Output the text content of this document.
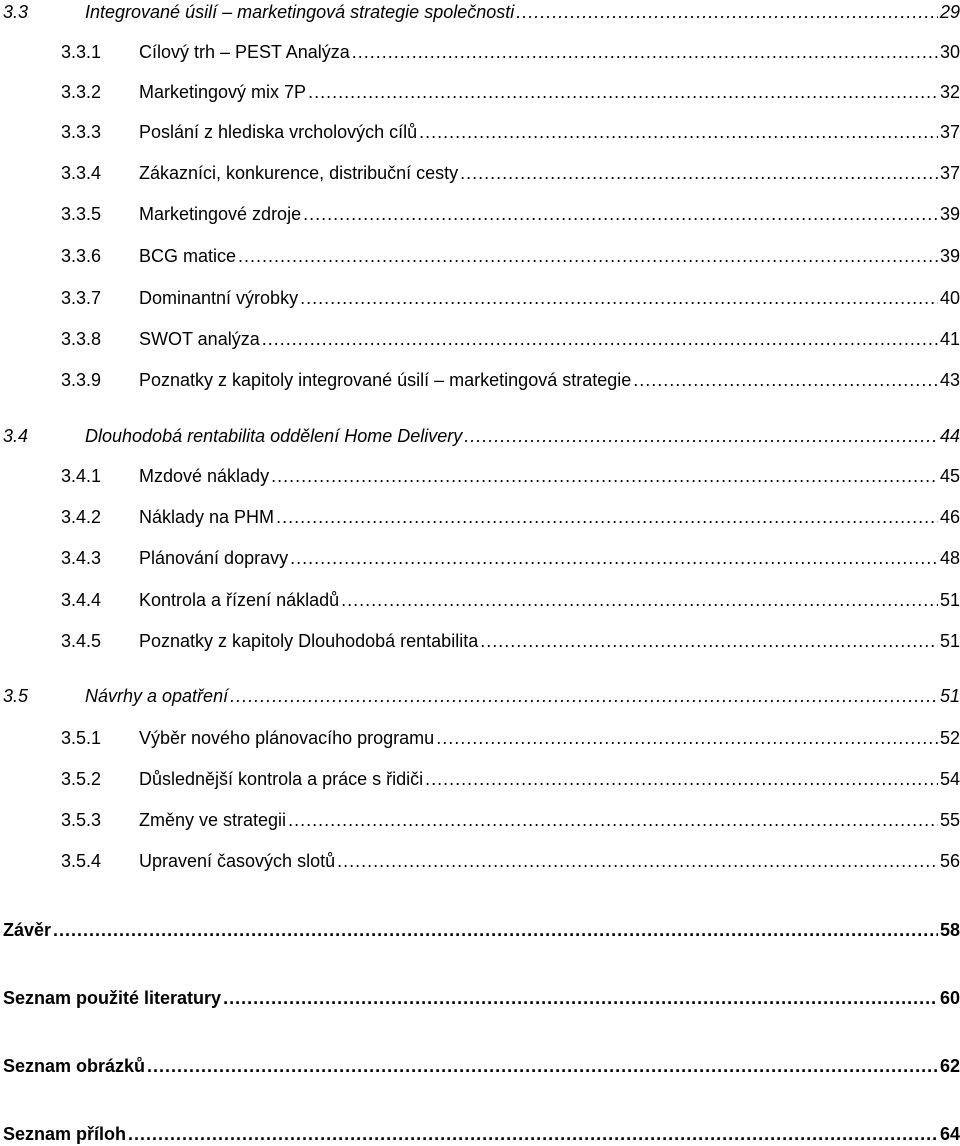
3.3	Integrované úsilí – marketingová strategie společnosti .....	29
3.3.1	Cílový trh – PEST Analýza .....	30
3.3.2	Marketingový mix 7P .....	32
3.3.3	Poslání z hlediska vrcholových cílů .....	37
3.3.4	Zákazníci, konkurence, distribuční cesty .....	37
3.3.5	Marketingové zdroje .....	39
3.3.6	BCG matice .....	39
3.3.7	Dominantní výrobky .....	40
3.3.8	SWOT analýza .....	41
3.3.9	Poznatky z kapitoly integrované úsilí – marketingová strategie .....	43
3.4	Dlouhodobá rentabilita oddělení Home Delivery .....	44
3.4.1	Mzdové náklady .....	45
3.4.2	Náklady na PHM .....	46
3.4.3	Plánování dopravy .....	48
3.4.4	Kontrola a řízení nákladů .....	51
3.4.5	Poznatky z kapitoly Dlouhodobá rentabilita .....	51
3.5	Návrhy a opatření .....	51
3.5.1	Výběr nového plánovacího programu .....	52
3.5.2	Důslednější kontrola a práce s řidiči .....	54
3.5.3	Změny ve strategii .....	55
3.5.4	Upravení časových slotů .....	56
Závěr .....	58
Seznam použité literatury .....	60
Seznam obrázků .....	62
Seznam příloh .....	64
